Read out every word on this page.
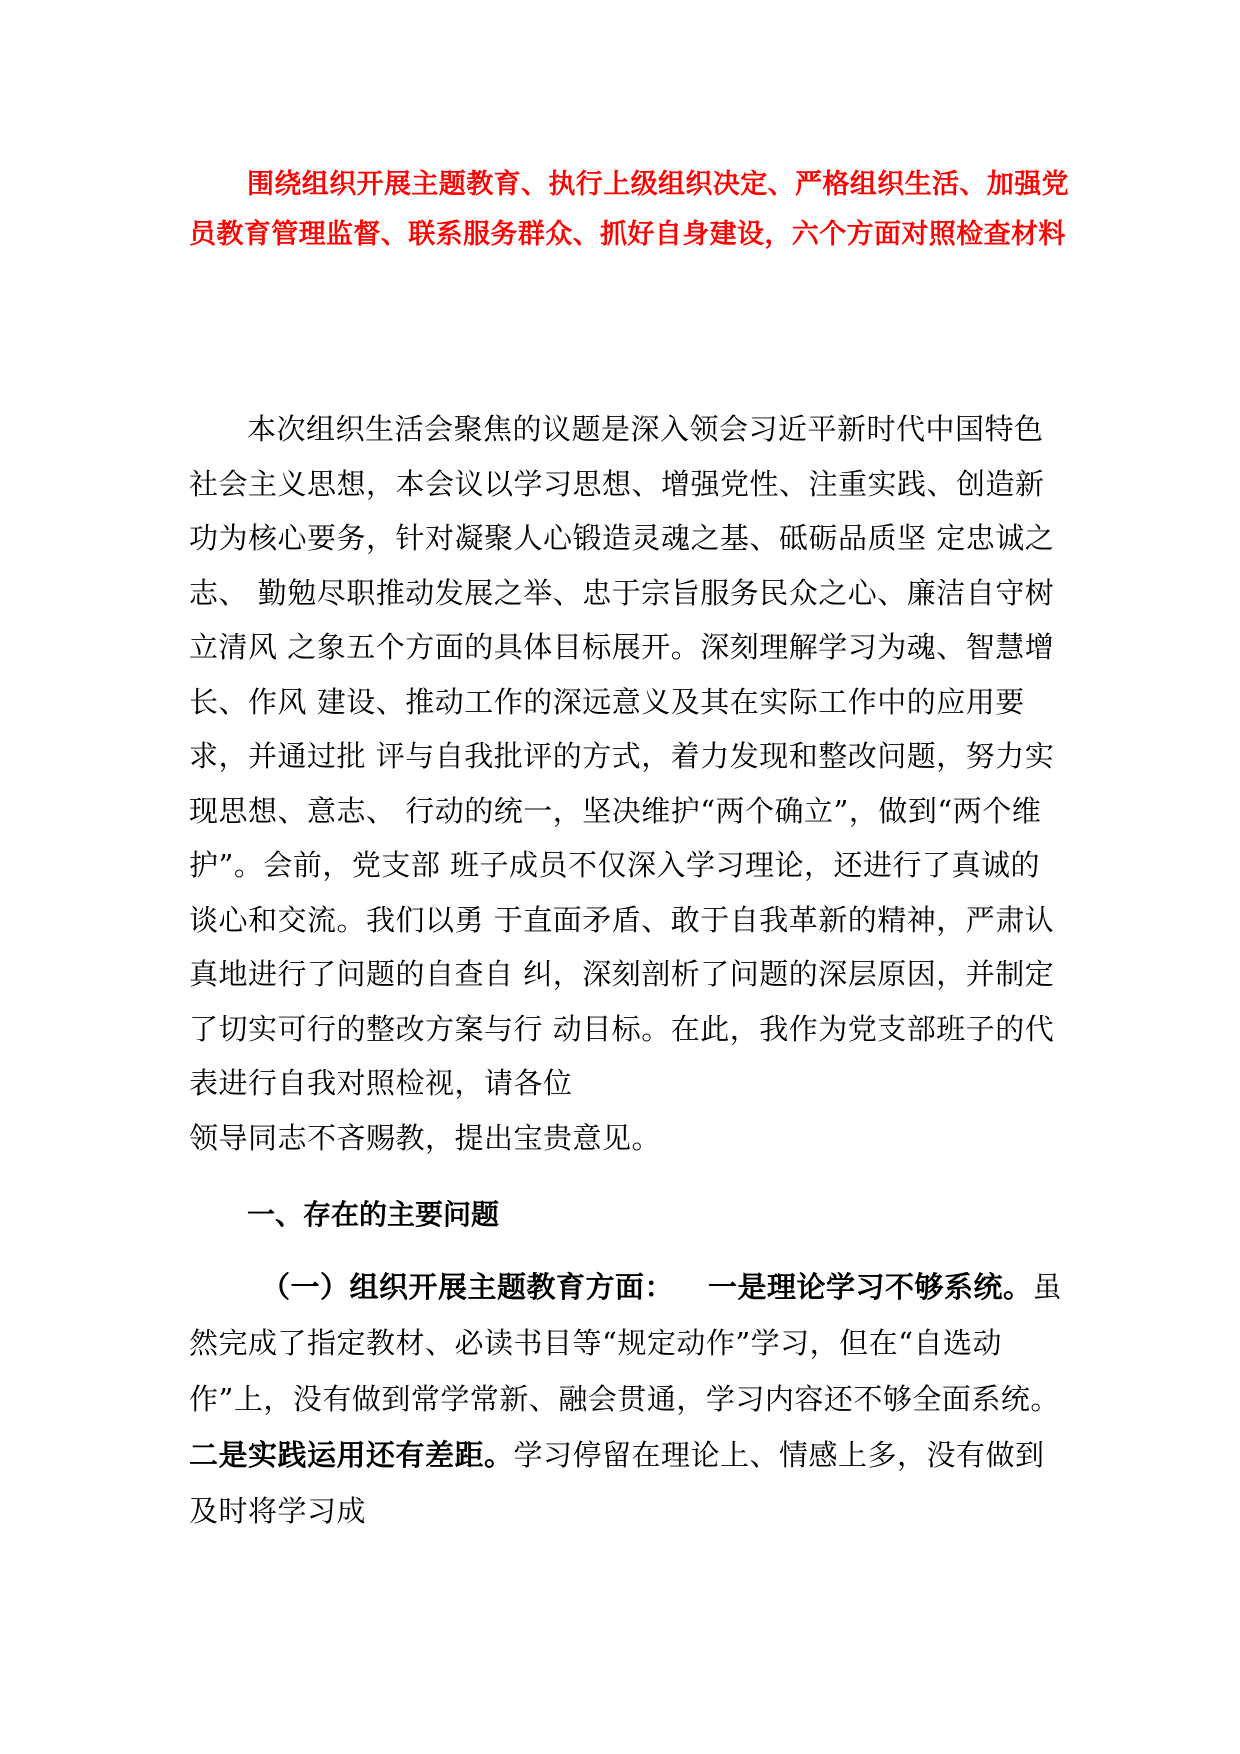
围绕组织开展主题教育、执行上级组织决定、严格组织生活、加强党员教育管理监督、联系服务群众、抓好自身建设，六个方面对照检查材料

本次组织生活会聚焦的议题是深入领会习近平新时代中国特色社会主义思想，本会议以学习思想、增强党性、注重实践、创造新功为核心要务，针对凝聚人心锻造灵魂之基、砥砺品质坚 定忠诚之志、 勤勉尽职推动发展之举、忠于宗旨服务民众之心、廉洁自守树立清风 之象五个方面的具体目标展开。深刻理解学习为魂、智慧增长、作风 建设、推动工作的深远意义及其在实际工作中的应用要求，并通过批 评与自我批评的方式，着力发现和整改问题，努力实现思想、意志、 行动的统一，坚决维护“两个确立”，做到“两个维护”。会前，党支部 班子成员不仅深入学习理论，还进行了真诚的谈心和交流。我们以勇 于直面矛盾、敢于自我革新的精神，严肃认真地进行了问题的自查自 纠，深刻剖析了问题的深层原因，并制定了切实可行的整改方案与行 动目标。在此，我作为党支部班子的代表进行自我对照检视，请各位
领导同志不吝赐教，提出宝贵意见。

一、存在的主要问题

（一）组织开展主题教育方面： 一是理论学习不够系统。虽然完成了指定教材、必读书目等“规定动作”学习，但在“自选动作”上，没有做到常学常新、融会贯通，学习内容还不够全面系统。二是实践运用还有差距。学习停留在理论上、情感上多，没有做到及时将学习成
